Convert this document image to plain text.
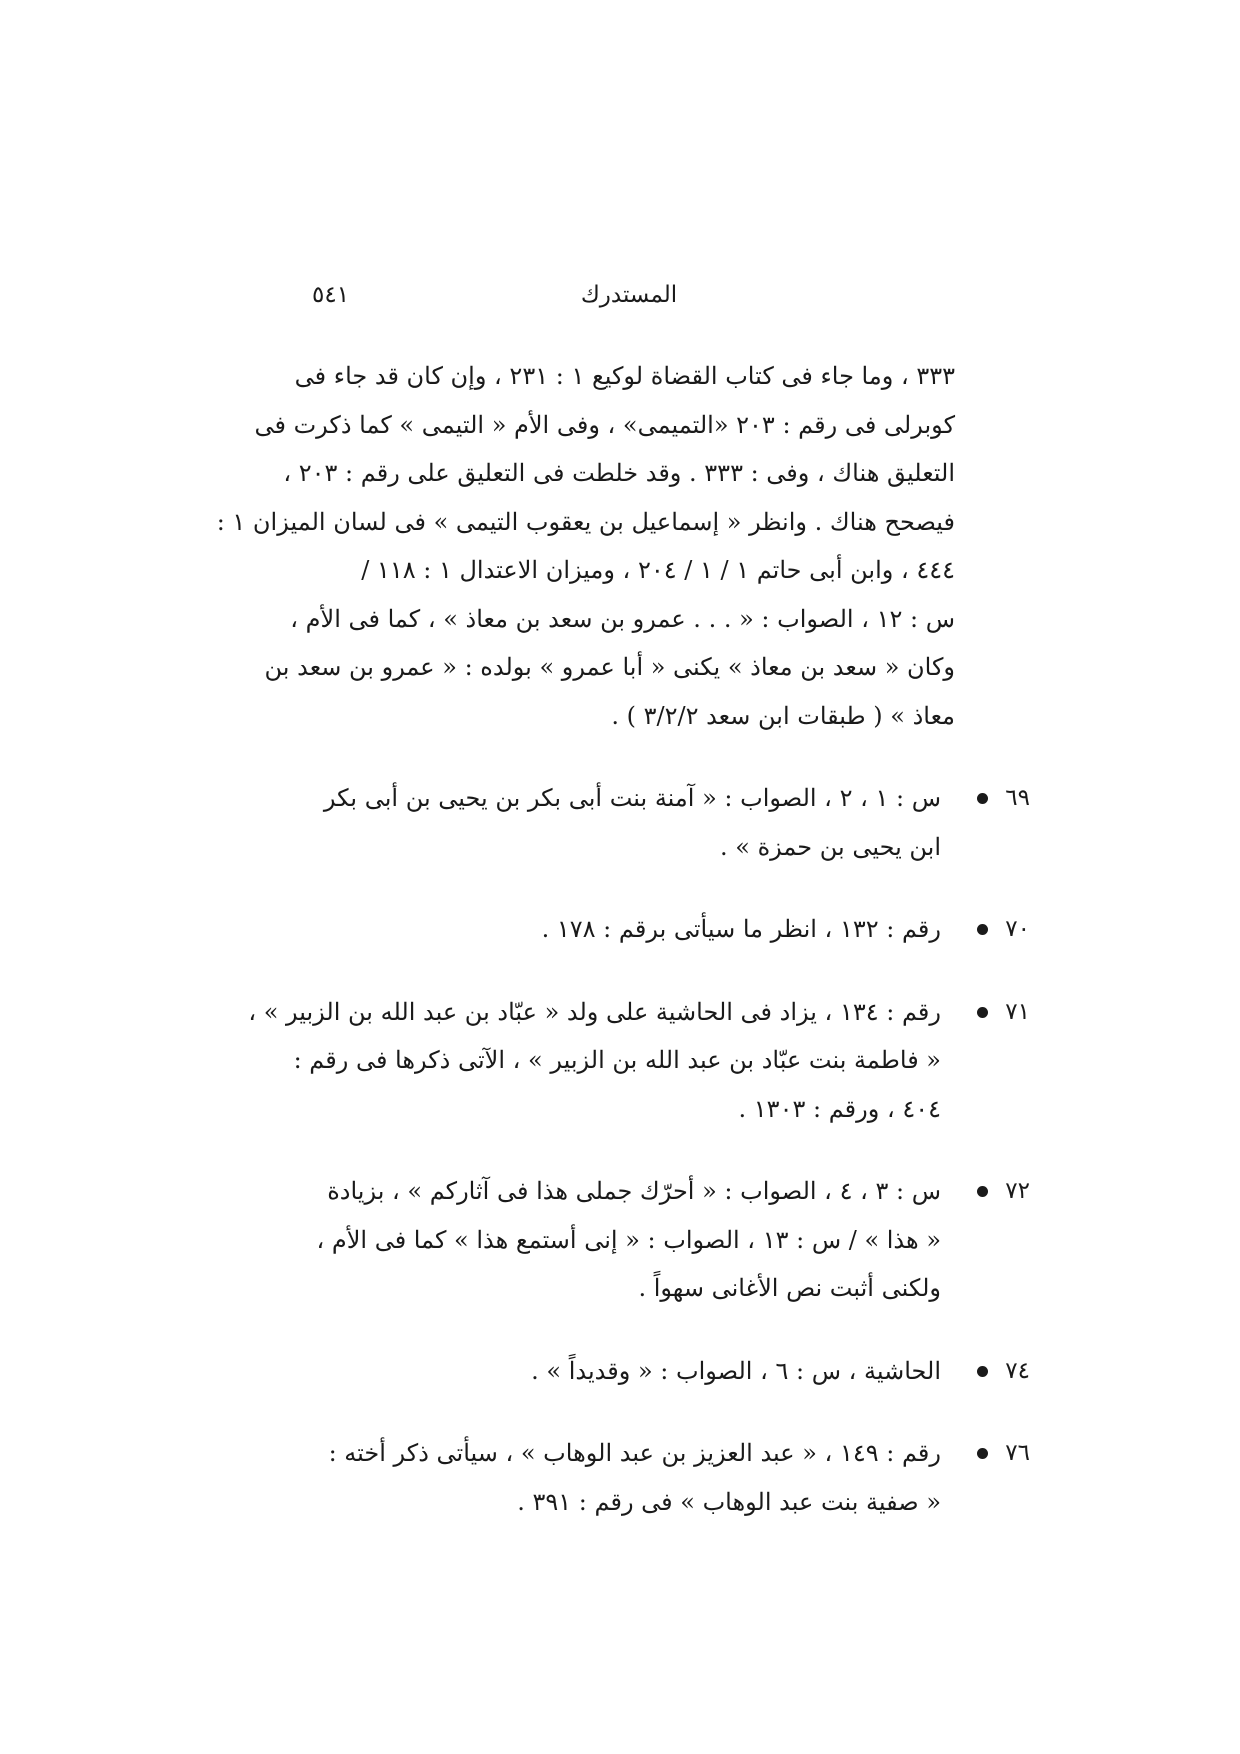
٥٤١	المستدرك
٣٣٣ ، وما جاء فى كتاب القضاة لوكيع ١ : ٢٣١ ، وإن كان قد جاء فى
كوبرلى فى رقم : ٢٠٣ «التميمى» ، وفى الأم « التيمى » كما ذكرت فى
التعليق هناك ، وفى : ٣٣٣ . وقد خلطت فى التعليق على رقم : ٢٠٣ ،
فيصحح هناك . وانظر « إسماعيل بن يعقوب التيمى » فى لسان الميزان ١ :
٤٤٤ ، وابن أبى حاتم ١ / ١ / ٢٠٤ ، وميزان الاعتدال ١ : ١١٨ /
س : ١٢ ، الصواب : « . . . عمرو بن سعد بن معاذ » ، كما فى الأم ،
وكان « سعد بن معاذ » يكنى « أبا عمرو » بولده : « عمرو بن سعد بن
معاذ » ( طبقات ابن سعد ٣/٢/٢ ) .
٦٩
س : ١ ، ٢ ، الصواب : « آمنة بنت أبى بكر بن يحيى بن أبى بكر
ابن يحيى بن حمزة » .
٧٠
رقم : ١٣٢ ، انظر ما سيأتى برقم : ١٧٨ .
٧١
رقم : ١٣٤ ، يزاد فى الحاشية على ولد « عبّاد بن عبد الله بن الزبير » ،
« فاطمة بنت عبّاد بن عبد الله بن الزبير » ، الآتى ذكرها فى رقم :
٤٠٤ ، ورقم : ١٣٠٣ .
٧٢
س : ٣ ، ٤ ، الصواب : « أحرّك جملى هذا فى آثاركم » ، بزيادة
« هذا » / س : ١٣ ، الصواب : « إنى أستمع هذا » كما فى الأم ،
ولكنى أثبت نص الأغانى سهواً .
٧٤
الحاشية ، س : ٦ ، الصواب : « وقديداً » .
٧٦
رقم : ١٤٩ ، « عبد العزيز بن عبد الوهاب » ، سيأتى ذكر أخته :
« صفية بنت عبد الوهاب » فى رقم : ٣٩١ .
